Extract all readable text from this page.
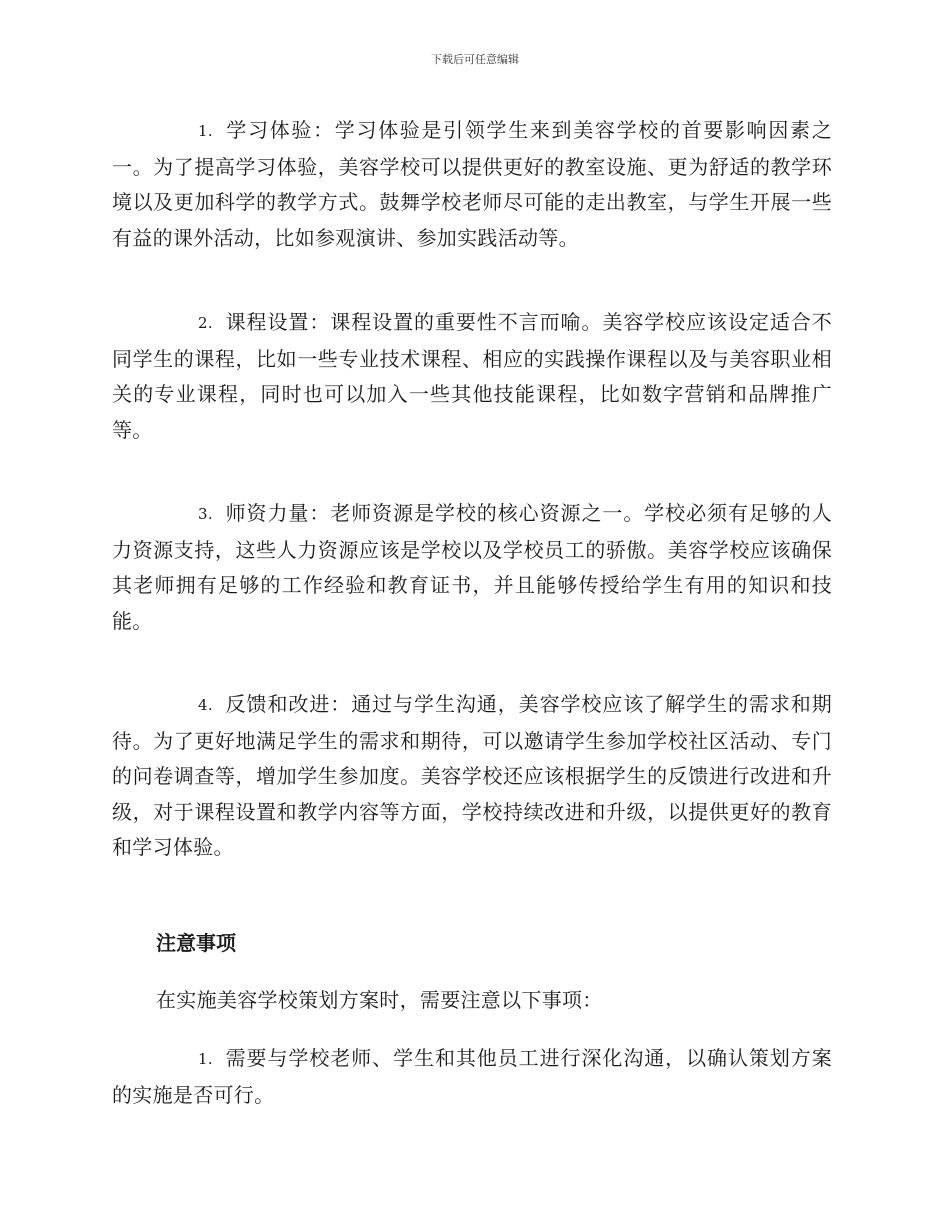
下载后可任意编辑
1. 学习体验：学习体验是引领学生来到美容学校的首要影响因素之一。为了提高学习体验，美容学校可以提供更好的教室设施、更为舒适的教学环境以及更加科学的教学方式。鼓舞学校老师尽可能的走出教室，与学生开展一些有益的课外活动，比如参观演讲、参加实践活动等。
2. 课程设置：课程设置的重要性不言而喻。美容学校应该设定适合不同学生的课程，比如一些专业技术课程、相应的实践操作课程以及与美容职业相关的专业课程，同时也可以加入一些其他技能课程，比如数字营销和品牌推广等。
3. 师资力量：老师资源是学校的核心资源之一。学校必须有足够的人力资源支持，这些人力资源应该是学校以及学校员工的骄傲。美容学校应该确保其老师拥有足够的工作经验和教育证书，并且能够传授给学生有用的知识和技能。
4. 反馈和改进：通过与学生沟通，美容学校应该了解学生的需求和期待。为了更好地满足学生的需求和期待，可以邀请学生参加学校社区活动、专门的问卷调查等，增加学生参加度。美容学校还应该根据学生的反馈进行改进和升级，对于课程设置和教学内容等方面，学校持续改进和升级，以提供更好的教育和学习体验。
注意事项
在实施美容学校策划方案时，需要注意以下事项：
1. 需要与学校老师、学生和其他员工进行深化沟通，以确认策划方案的实施是否可行。
